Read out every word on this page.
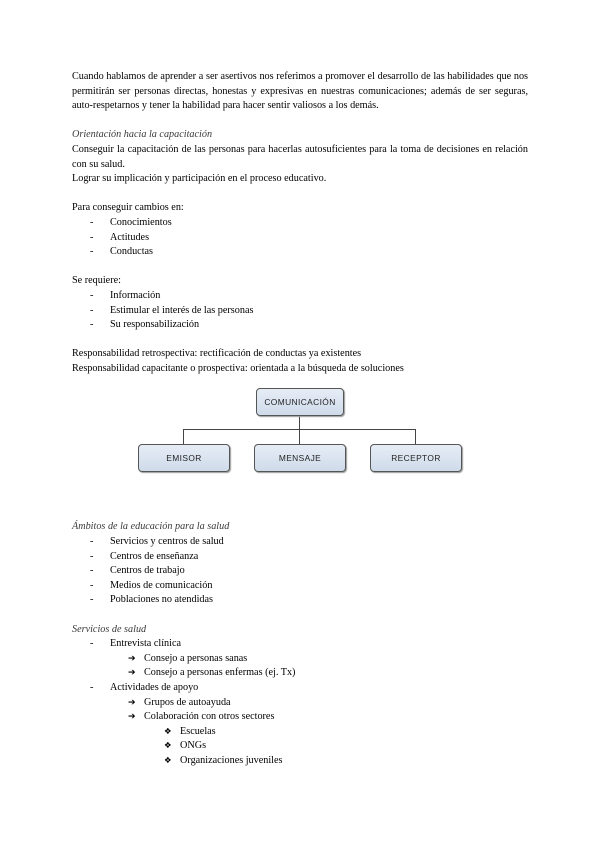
Cuando hablamos de aprender a ser asertivos nos referimos a promover el desarrollo de las habilidades que nos permitirán ser personas directas, honestas y expresivas en nuestras comunicaciones; además de ser seguras, auto-respetarnos y tener la habilidad para hacer sentir valiosos a los demás.

Orientación hacia la capacitación

Conseguir la capacitación de las personas para hacerlas autosuficientes para la toma de decisiones en relación con su salud.

Lograr su implicación y participación en el proceso educativo.

Para conseguir cambios en:

- Conocimientos
- Actitudes
- Conductas

Se requiere:

- Información
- Estimular el interés de las personas
- Su responsabilización

Responsabilidad retrospectiva: rectificación de conductas ya existentes

Responsabilidad capacitante o prospectiva: orientada a la búsqueda de soluciones

COMUNICACIÓN
EMISOR	MENSAJE	RECEPTOR

Ámbitos de la educación para la salud

- Servicios y centros de salud
- Centros de enseñanza
- Centros de trabajo
- Medios de comunicación
- Poblaciones no atendidas

Servicios de salud

- Entrevista clínica
➔ Consejo a personas sanas
➔ Consejo a personas enfermas (ej. Tx)
- Actividades de apoyo
➔ Grupos de autoayuda
➔ Colaboración con otros sectores
❖ Escuelas
❖ ONGs
❖ Organizaciones juveniles
